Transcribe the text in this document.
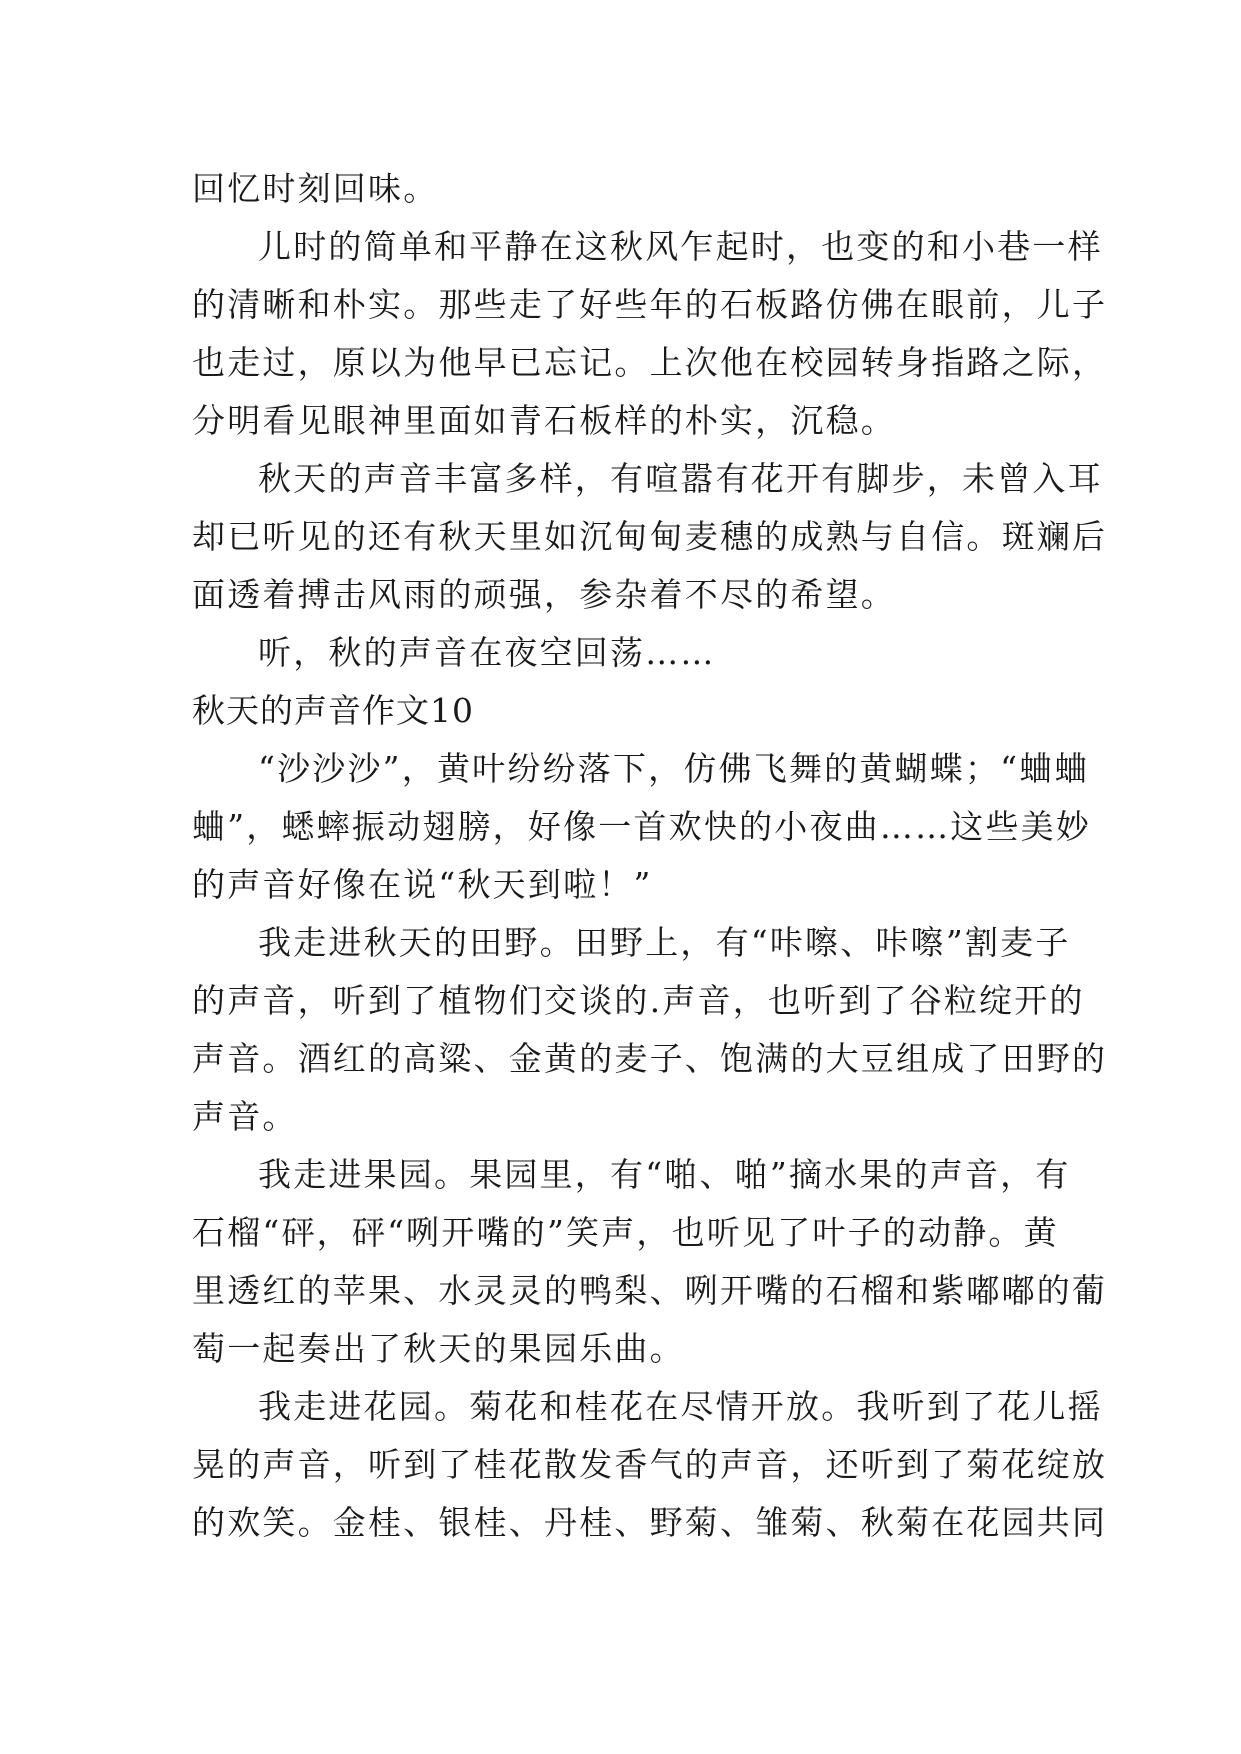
回忆时刻回味。
儿时的简单和平静在这秋风乍起时，也变的和小巷一样
的清晰和朴实。那些走了好些年的石板路仿佛在眼前，儿子
也走过，原以为他早已忘记。上次他在校园转身指路之际，
分明看见眼神里面如青石板样的朴实，沉稳。
秋天的声音丰富多样，有喧嚣有花开有脚步，未曾入耳
却已听见的还有秋天里如沉甸甸麦穗的成熟与自信。斑斓后
面透着搏击风雨的顽强，参杂着不尽的希望。
听，秋的声音在夜空回荡……
秋天的声音作文10
“沙沙沙”，黄叶纷纷落下，仿佛飞舞的黄蝴蝶；“蛐蛐
蛐”，蟋蟀振动翅膀，好像一首欢快的小夜曲……这些美妙
的声音好像在说“秋天到啦！”
我走进秋天的田野。田野上，有“咔嚓、咔嚓”割麦子
的声音，听到了植物们交谈的.声音，也听到了谷粒绽开的
声音。酒红的高粱、金黄的麦子、饱满的大豆组成了田野的
声音。
我走进果园。果园里，有“啪、啪”摘水果的声音，有
石榴“砰，砰“咧开嘴的”笑声，也听见了叶子的动静。黄
里透红的苹果、水灵灵的鸭梨、咧开嘴的石榴和紫嘟嘟的葡
萄一起奏出了秋天的果园乐曲。
我走进花园。菊花和桂花在尽情开放。我听到了花儿摇
晃的声音，听到了桂花散发香气的声音，还听到了菊花绽放
的欢笑。金桂、银桂、丹桂、野菊、雏菊、秋菊在花园共同
